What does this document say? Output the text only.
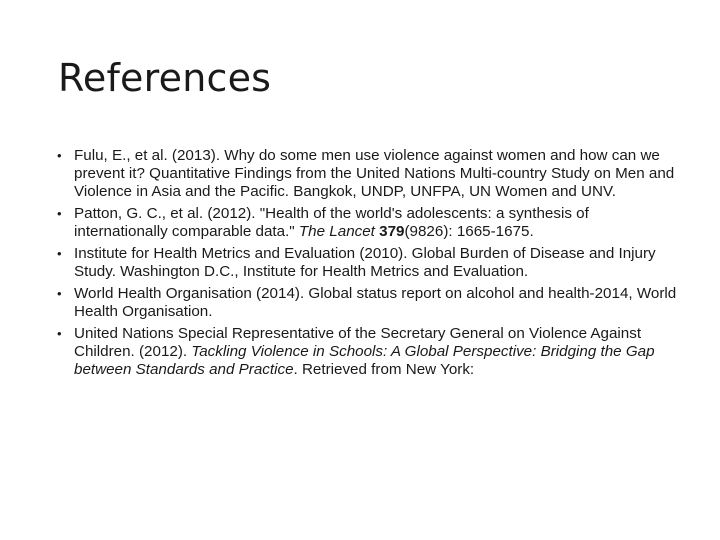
References
• Fulu, E., et al. (2013). Why do some men use violence against women and how can we prevent it? Quantitative Findings from the United Nations Multi-country Study on Men and Violence in Asia and the Pacific. Bangkok, UNDP, UNFPA, UN Women and UNV.
• Patton, G. C., et al. (2012). "Health of the world's adolescents: a synthesis of internationally comparable data." The Lancet 379(9826): 1665-1675.
• Institute for Health Metrics and Evaluation (2010). Global Burden of Disease and Injury Study. Washington D.C., Institute for Health Metrics and Evaluation.
• World Health Organisation (2014). Global status report on alcohol and health-2014, World Health Organisation.
• United Nations Special Representative of the Secretary General on Violence Against Children. (2012). Tackling Violence in Schools: A Global Perspective: Bridging the Gap between Standards and Practice. Retrieved from New York:
